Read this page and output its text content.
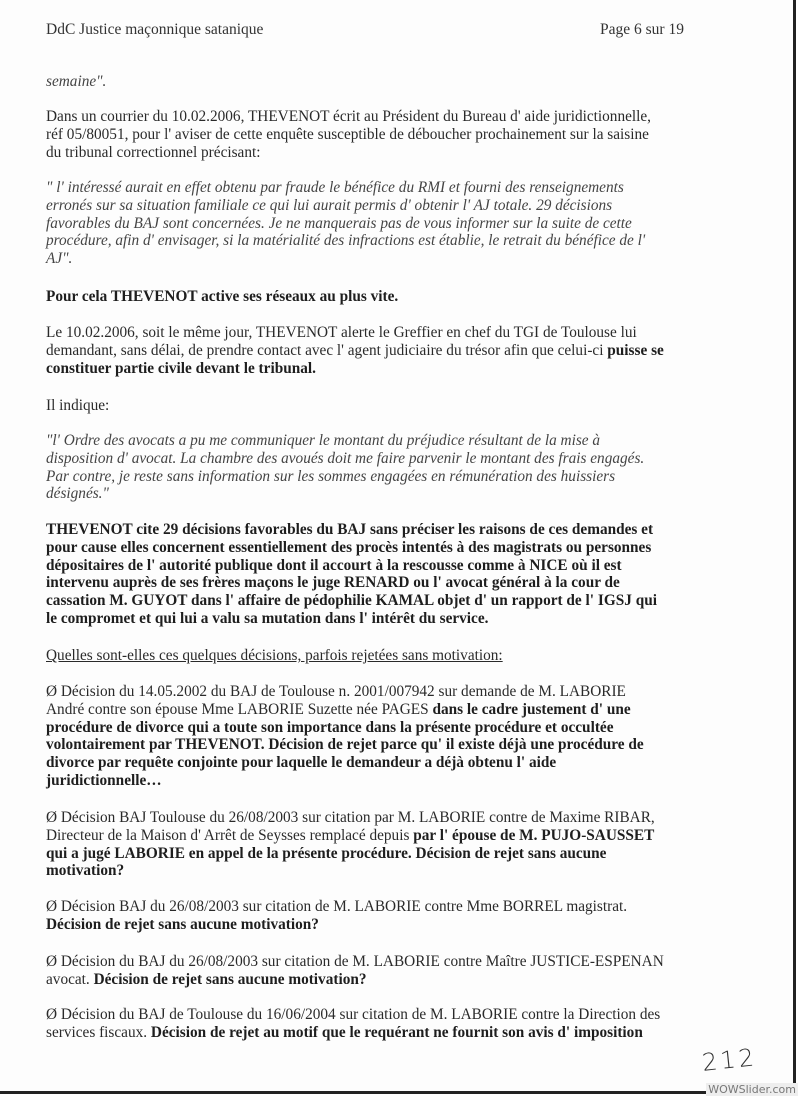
DdC Justice maçonnique satanique	Page 6 sur 19
semaine".
Dans un courrier du 10.02.2006, THEVENOT écrit au Président du Bureau d' aide juridictionnelle,
réf 05/80051, pour l' aviser de cette enquête susceptible de déboucher prochainement sur la saisine
du tribunal correctionnel précisant:
" l' intéressé aurait en effet obtenu par fraude le bénéfice du RMI et fourni des renseignements
erronés sur sa situation familiale ce qui lui aurait permis d' obtenir l' AJ totale. 29 décisions
favorables du BAJ sont concernées. Je ne manquerais pas de vous informer sur la suite de cette
procédure, afin d' envisager, si la matérialité des infractions est établie, le retrait du bénéfice de l'
AJ".
Pour cela THEVENOT active ses réseaux au plus vite.
Le 10.02.2006, soit le même jour, THEVENOT alerte le Greffier en chef du TGI de Toulouse lui
demandant, sans délai, de prendre contact avec l' agent judiciaire du trésor afin que celui-ci puisse se
constituer partie civile devant le tribunal.
Il indique:
"l' Ordre des avocats a pu me communiquer le montant du préjudice résultant de la mise à
disposition d' avocat. La chambre des avoués doit me faire parvenir le montant des frais engagés.
Par contre, je reste sans information sur les sommes engagées en rémunération des huissiers
désignés."
THEVENOT cite 29 décisions favorables du BAJ sans préciser les raisons de ces demandes et
pour cause elles concernent essentiellement des procès intentés à des magistrats ou personnes
dépositaires de l' autorité publique dont il accourt à la rescousse comme à NICE où il est
intervenu auprès de ses frères maçons le juge RENARD ou l' avocat général à la cour de
cassation M. GUYOT dans l' affaire de pédophilie KAMAL objet d' un rapport de l' IGSJ qui
le compromet et qui lui a valu sa mutation dans l' intérêt du service.
Quelles sont-elles ces quelques décisions, parfois rejetées sans motivation:
Ø Décision du 14.05.2002 du BAJ de Toulouse n. 2001/007942 sur demande de M. LABORIE
André contre son épouse Mme LABORIE Suzette née PAGES dans le cadre justement d' une
procédure de divorce qui a toute son importance dans la présente procédure et occultée
volontairement par THEVENOT. Décision de rejet parce qu' il existe déjà une procédure de
divorce par requête conjointe pour laquelle le demandeur a déjà obtenu l' aide
juridictionnelle…
Ø Décision BAJ Toulouse du 26/08/2003 sur citation par M. LABORIE contre de Maxime RIBAR,
Directeur de la Maison d' Arrêt de Seysses remplacé depuis par l' épouse de M. PUJO-SAUSSET
qui a jugé LABORIE en appel de la présente procédure. Décision de rejet sans aucune
motivation?
Ø Décision BAJ du 26/08/2003 sur citation de M. LABORIE contre Mme BORREL magistrat.
Décision de rejet sans aucune motivation?
Ø Décision du BAJ du 26/08/2003 sur citation de M. LABORIE contre Maître JUSTICE-ESPENAN
avocat. Décision de rejet sans aucune motivation?
Ø Décision du BAJ de Toulouse du 16/06/2004 sur citation de M. LABORIE contre la Direction des
services fiscaux. Décision de rejet au motif que le requérant ne fournit son avis d' imposition
212
WOWSlider.com
